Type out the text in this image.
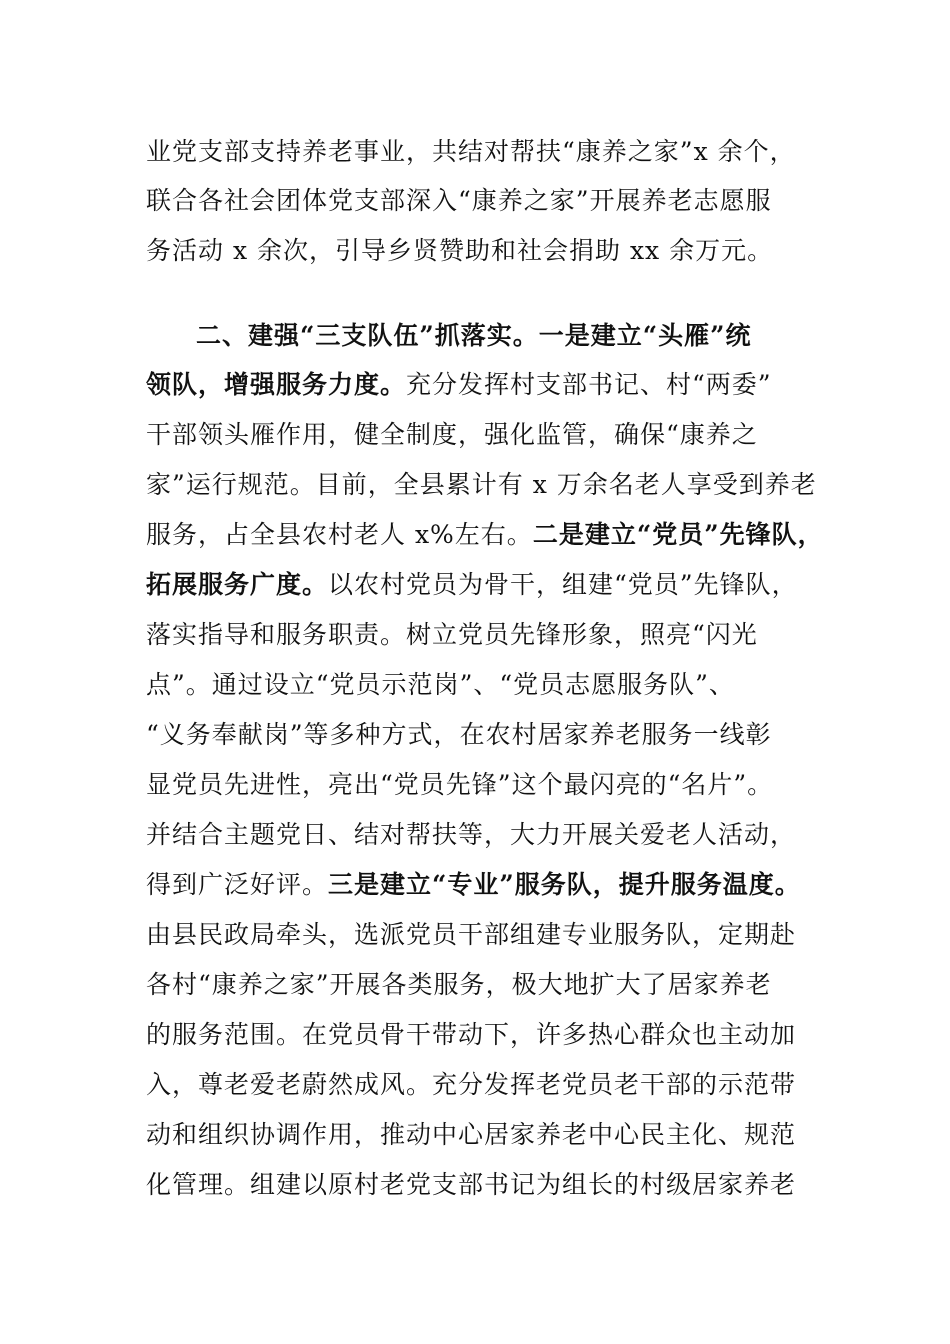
业党支部支持养老事业，共结对帮扶“康养之家”x 余个，

联合各社会团体党支部深入“康养之家”开展养老志愿服

务活动 x 余次，引导乡贤赞助和社会捐助 xx 余万元。

二、建强“三支队伍”抓落实。一是建立“头雁”统

领队，增强服务力度。充分发挥村支部书记、村“两委”

干部领头雁作用，健全制度，强化监管，确保“康养之

家”运行规范。目前，全县累计有 x 万余名老人享受到养老

服务，占全县农村老人 x%左右。二是建立“党员”先锋队，

拓展服务广度。以农村党员为骨干，组建“党员”先锋队，

落实指导和服务职责。树立党员先锋形象，照亮“闪光

点”。通过设立“党员示范岗”、“党员志愿服务队”、

“义务奉献岗”等多种方式，在农村居家养老服务一线彰

显党员先进性，亮出“党员先锋”这个最闪亮的“名片”。

并结合主题党日、结对帮扶等，大力开展关爱老人活动，

得到广泛好评。三是建立“专业”服务队，提升服务温度。

由县民政局牵头，选派党员干部组建专业服务队，定期赴

各村“康养之家”开展各类服务，极大地扩大了居家养老

的服务范围。在党员骨干带动下，许多热心群众也主动加

入，尊老爱老蔚然成风。充分发挥老党员老干部的示范带

动和组织协调作用，推动中心居家养老中心民主化、规范

化管理。组建以原村老党支部书记为组长的村级居家养老
